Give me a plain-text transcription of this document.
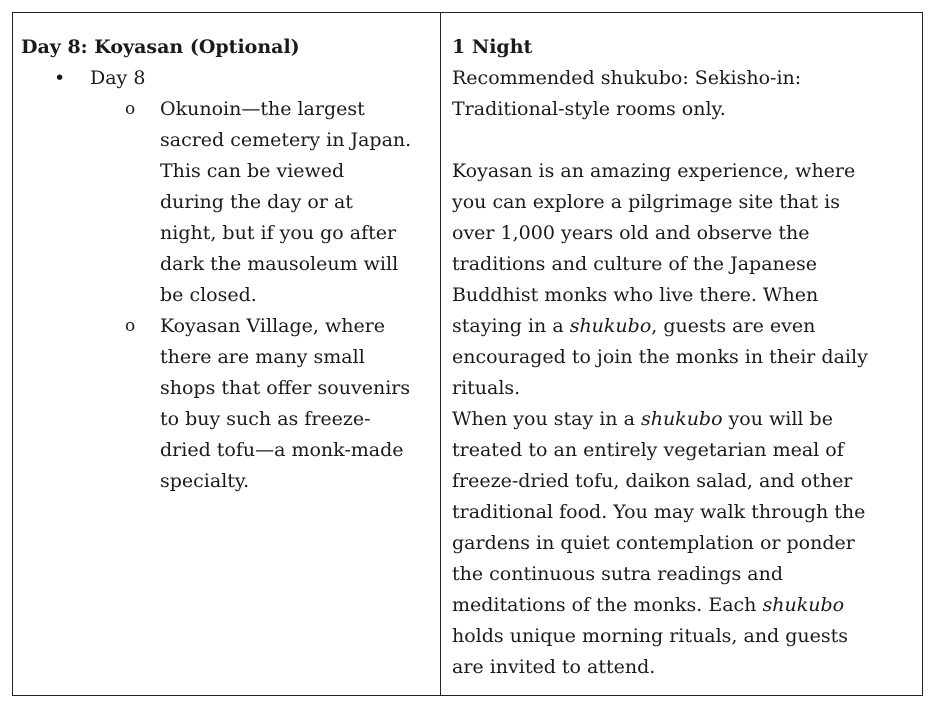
Day 8: Koyasan (Optional)

• Day 8
o Okunoin—the largest

sacred cemetery in Japan.

This can be viewed

during the day or at

night, but if you go after

dark the mausoleum will

be closed.

o Koyasan Village, where

there are many small

shops that offer souvenirs

to buy such as freeze-

dried tofu—a monk-made

specialty.

1 Night

Recommended shukubo: Sekisho-in:

Traditional-style rooms only.

Koyasan is an amazing experience, where

you can explore a pilgrimage site that is

over 1,000 years old and observe the

traditions and culture of the Japanese

Buddhist monks who live there. When

staying in a shukubo, guests are even

encouraged to join the monks in their daily

rituals.

When you stay in a shukubo you will be

treated to an entirely vegetarian meal of

freeze-dried tofu, daikon salad, and other

traditional food. You may walk through the

gardens in quiet contemplation or ponder

the continuous sutra readings and

meditations of the monks. Each shukubo

holds unique morning rituals, and guests

are invited to attend.
